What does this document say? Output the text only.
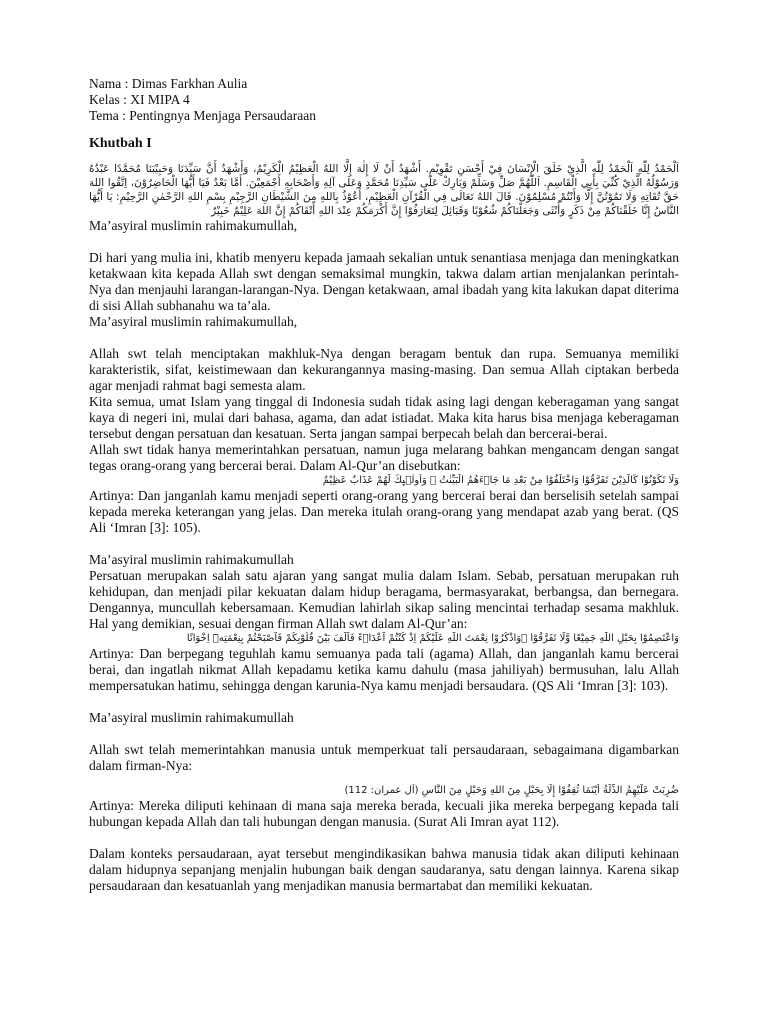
Nama : Dimas Farkhan Aulia
Kelas : XI MIPA 4
Tema : Pentingnya Menjaga Persaudaraan
Khutbah I
اَلْحَمْدُ لِلّٰهِ اَلْحَمْدُ لِلّٰهِ الَّذِيْ خَلَقَ الْإِنْسَانَ فِيْ أَحْسَنِ تَقْوِيْمٍ. أَشْهَدُ أَنْ لَا إِلٰهَ إِلَّا اللهُ الْعَظِيْمُ الْكَرِيْمُ، وَأَشْهَدُ أَنَّ سَيِّدَنَا وَحَبِيْبَنَا مُحَمَّدًا عَبْدُهُ وَرَسُوْلُهُ الَّذِيْ كُنِّيَ بِأَبِي الْقَاسِمِ. اَللّٰهُمَّ صَلِّ وَسَلِّمْ وَبَارِكْ عَلَى سَيِّدِنَا مُحَمَّدٍ وَعَلَى آلِهِ وَأَصْحَابِهِ أَجْمَعِيْنَ. أَمَّا بَعْدُ فَيَا أَيُّهَا الْحَاضِرُوْنَ، اِتَّقُوا اللهَ حَقَّ تُقَاتِهِ وَلَا تَمُوْتُنَّ إِلَّا وَأَنْتُمْ مُسْلِمُوْنَ. قَالَ اللهُ تَعَالَى فِي الْقُرْآنِ الْعَظِيْمِ، أَعُوْذُ بِاللهِ مِنَ الشَّيْطَانِ الرَّجِيْمِ بِسْمِ اللهِ الرَّحْمٰنِ الرَّحِيْمِ: يَا أَيُّهَا النَّاسُ إِنَّا خَلَقْنَاكُمْ مِنْ ذَكَرٍ وَأُنْثَى وَجَعَلْنَاكُمْ شُعُوْبًا وَقَبَائِلَ لِتَعَارَفُوْا إِنَّ أَكْرَمَكُمْ عِنْدَ اللهِ أَتْقَاكُمْ إِنَّ اللهَ عَلِيْمٌ خَبِيْرٌ

Ma’asyiral muslimin rahimakumullah,

Di hari yang mulia ini, khatib menyeru kepada jamaah sekalian untuk senantiasa menjaga dan meningkatkan ketakwaan kita kepada Allah swt dengan semaksimal mungkin, takwa dalam artian menjalankan perintah-Nya dan menjauhi larangan-larangan-Nya. Dengan ketakwaan, amal ibadah yang kita lakukan dapat diterima di sisi Allah subhanahu wa ta’ala.

Ma’asyiral muslimin rahimakumullah,

Allah swt telah menciptakan makhluk-Nya dengan beragam bentuk dan rupa. Semuanya memiliki karakteristik, sifat, keistimewaan dan kekurangannya masing-masing. Dan semua Allah ciptakan berbeda agar menjadi rahmat bagi semesta alam.

Kita semua, umat Islam yang tinggal di Indonesia sudah tidak asing lagi dengan keberagaman yang sangat kaya di negeri ini, mulai dari bahasa, agama, dan adat istiadat. Maka kita harus bisa menjaga keberagaman tersebut dengan persatuan dan kesatuan. Serta jangan sampai berpecah belah dan bercerai-berai.

Allah swt tidak hanya memerintahkan persatuan, namun juga melarang bahkan mengancam dengan sangat tegas orang-orang yang bercerai berai. Dalam Al-Qur’an disebutkan:

وَلَا تَكُوْنُوْا كَالَّذِيْنَ تَفَرَّقُوْا وَاخْتَلَفُوْا مِنْ بَعْدِ مَا جَاۤءَهُمُ الْبَيِّنٰتُ ۗ وَاُولٰۤىِٕكَ لَهُمْ عَذَابٌ عَظِيْمٌ

Artinya: Dan janganlah kamu menjadi seperti orang-orang yang bercerai berai dan berselisih setelah sampai kepada mereka keterangan yang jelas. Dan mereka itulah orang-orang yang mendapat azab yang berat. (QS Ali ‘Imran [3]: 105).

Ma’asyiral muslimin rahimakumullah

Persatuan merupakan salah satu ajaran yang sangat mulia dalam Islam. Sebab, persatuan merupakan ruh kehidupan, dan menjadi pilar kekuatan dalam hidup beragama, bermasyarakat, berbangsa, dan bernegara. Dengannya, muncullah kebersamaan. Kemudian lahirlah sikap saling mencintai terhadap sesama makhluk. Hal yang demikian, sesuai dengan firman Allah swt dalam Al-Qur’an:

وَاعْتَصِمُوْا بِحَبْلِ اللّٰهِ جَمِيْعًا وَّلَا تَفَرَّقُوْا ۖوَاذْكُرُوْا نِعْمَتَ اللّٰهِ عَلَيْكُمْ اِذْ كُنْتُمْ اَعْدَاۤءً فَاَلَّفَ بَيْنَ قُلُوْبِكُمْ فَاَصْبَحْتُمْ بِنِعْمَتِهٖٓ اِخْوَانًا

Artinya: Dan berpegang teguhlah kamu semuanya pada tali (agama) Allah, dan janganlah kamu bercerai berai, dan ingatlah nikmat Allah kepadamu ketika kamu dahulu (masa jahiliyah) bermusuhan, lalu Allah mempersatukan hatimu, sehingga dengan karunia-Nya kamu menjadi bersaudara. (QS Ali ‘Imran [3]: 103).

Ma’asyiral muslimin rahimakumullah

Allah swt telah memerintahkan manusia untuk memperkuat tali persaudaraan, sebagaimana digambarkan dalam firman-Nya:

ضُرِبَتْ عَلَيْهِمُ الذِّلَّةُ أَيْنَمَا ثُقِفُوْا إِلَّا بِحَبْلٍ مِنَ اللهِ وَحَبْلٍ مِنَ النَّاسِ (آل عمران: 112)

Artinya: Mereka diliputi kehinaan di mana saja mereka berada, kecuali jika mereka berpegang kepada tali hubungan kepada Allah dan tali hubungan dengan manusia. (Surat Ali Imran ayat 112).

Dalam konteks persaudaraan, ayat tersebut mengindikasikan bahwa manusia tidak akan diliputi kehinaan dalam hidupnya sepanjang menjalin hubungan baik dengan saudaranya, satu dengan lainnya. Karena sikap persaudaraan dan kesatuanlah yang menjadikan manusia bermartabat dan memiliki kekuatan.
